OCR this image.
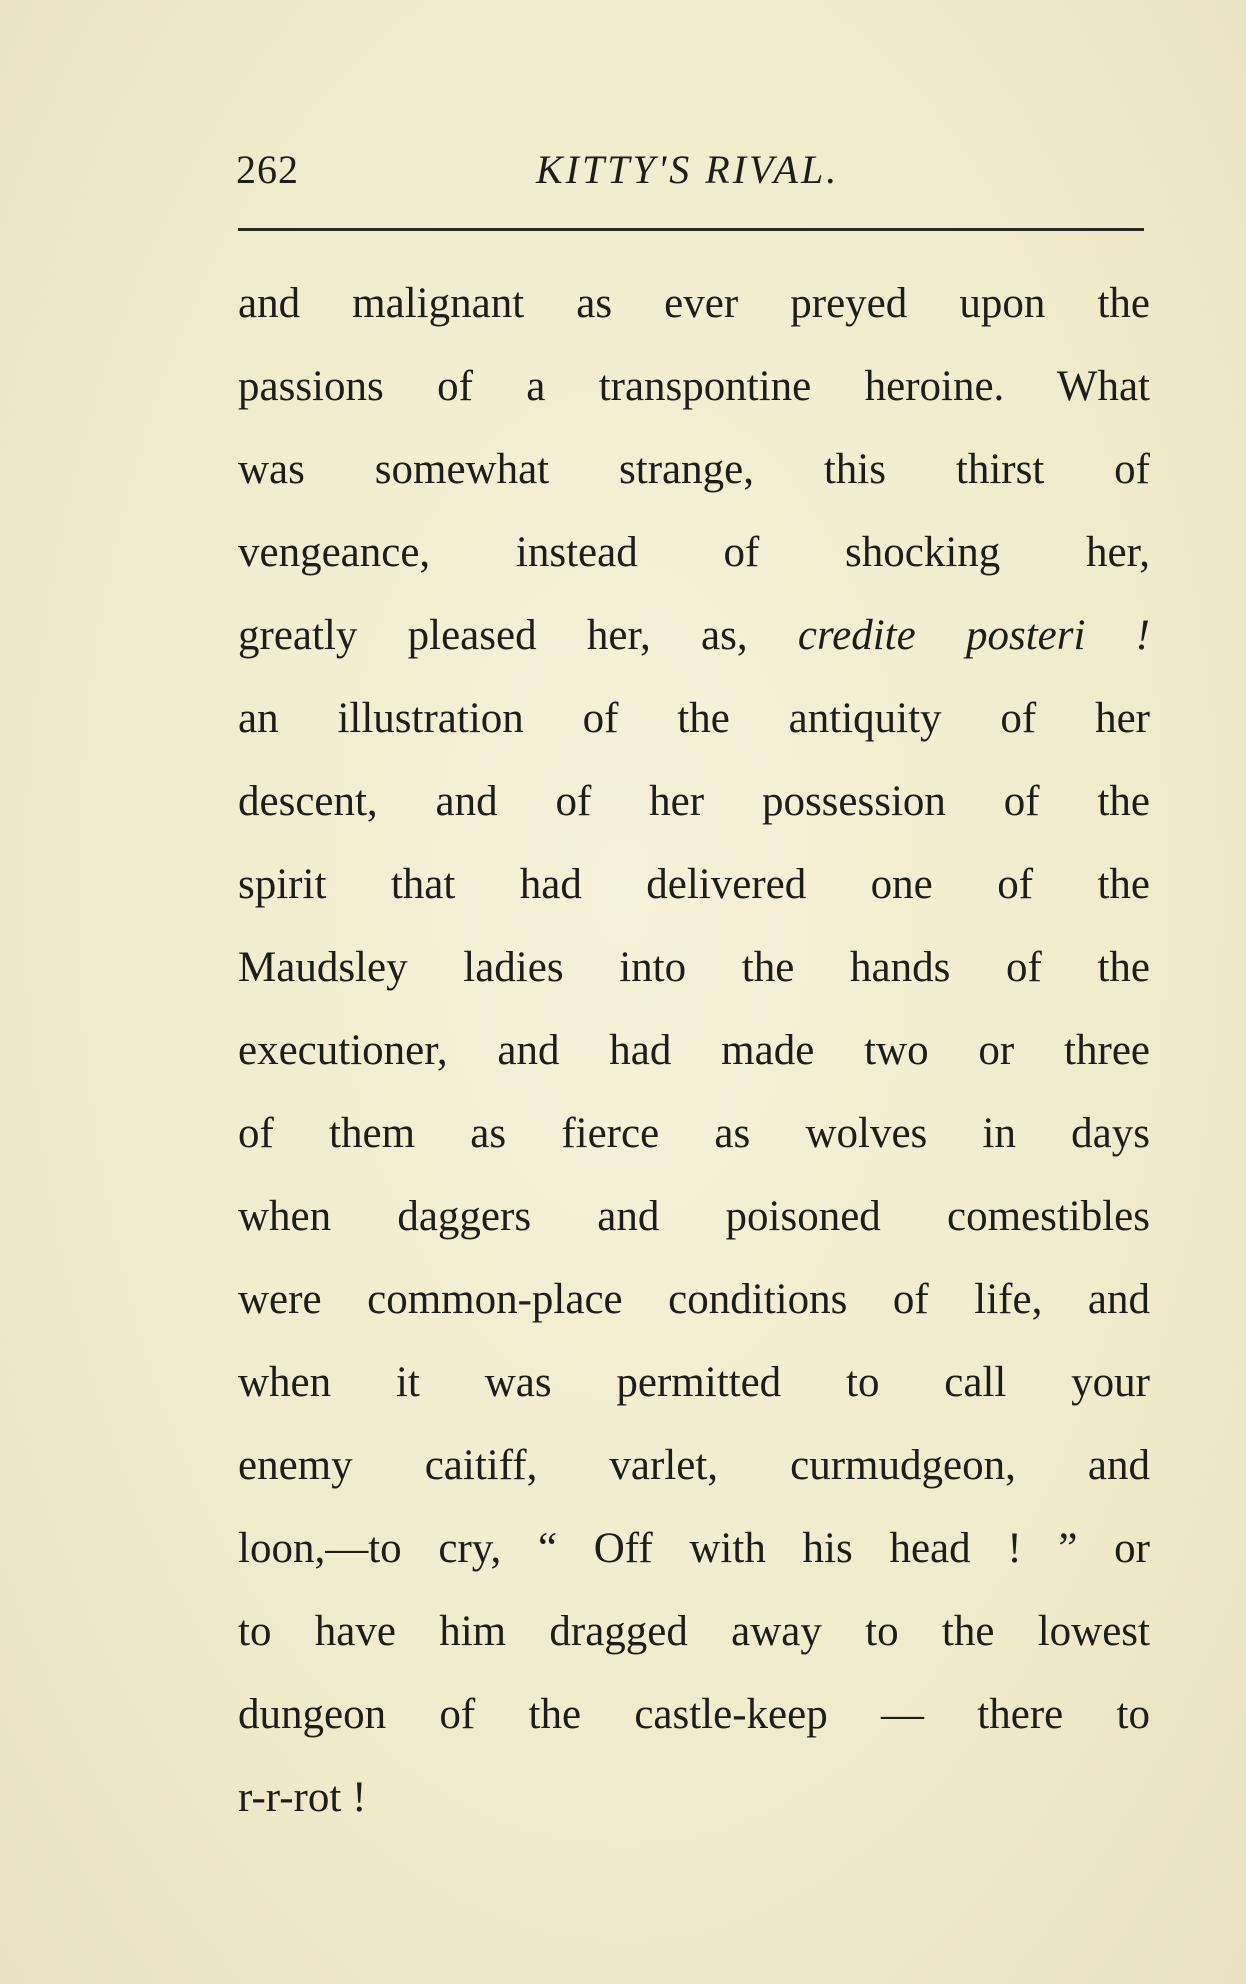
262	KITTY'S RIVAL.
and malignant as ever preyed upon the
passions of a transpontine heroine. What
was somewhat strange, this thirst of
vengeance, instead of shocking her,
greatly pleased her, as, credite posteri !
an illustration of the antiquity of her
descent, and of her possession of the
spirit that had delivered one of the
Maudsley ladies into the hands of the
executioner, and had made two or three
of them as fierce as wolves in days
when daggers and poisoned comestibles
were common-place conditions of life, and
when it was permitted to call your
enemy caitiff, varlet, curmudgeon, and
loon,—to cry, “ Off with his head ! ” or
to have him dragged away to the lowest
dungeon of the castle-keep — there to
r-r-rot !
